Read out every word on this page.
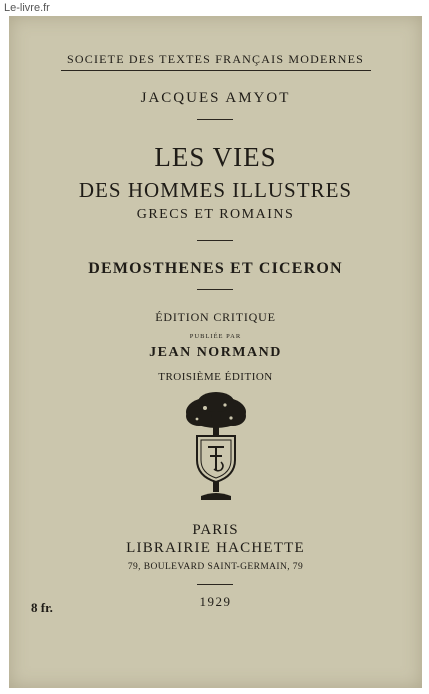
Le-livre.fr
SOCIETE DES TEXTES FRANÇAIS MODERNES
JACQUES AMYOT
LES VIES
DES HOMMES ILLUSTRES
GRECS ET ROMAINS
DEMOSTHENES ET CICERON
ÉDITION CRITIQUE
PUBLIÉE PAR
JEAN NORMAND
TROISIÈME ÉDITION
PARIS
LIBRAIRIE HACHETTE
79, BOULEVARD SAINT-GERMAIN, 79
1929
8 fr.
